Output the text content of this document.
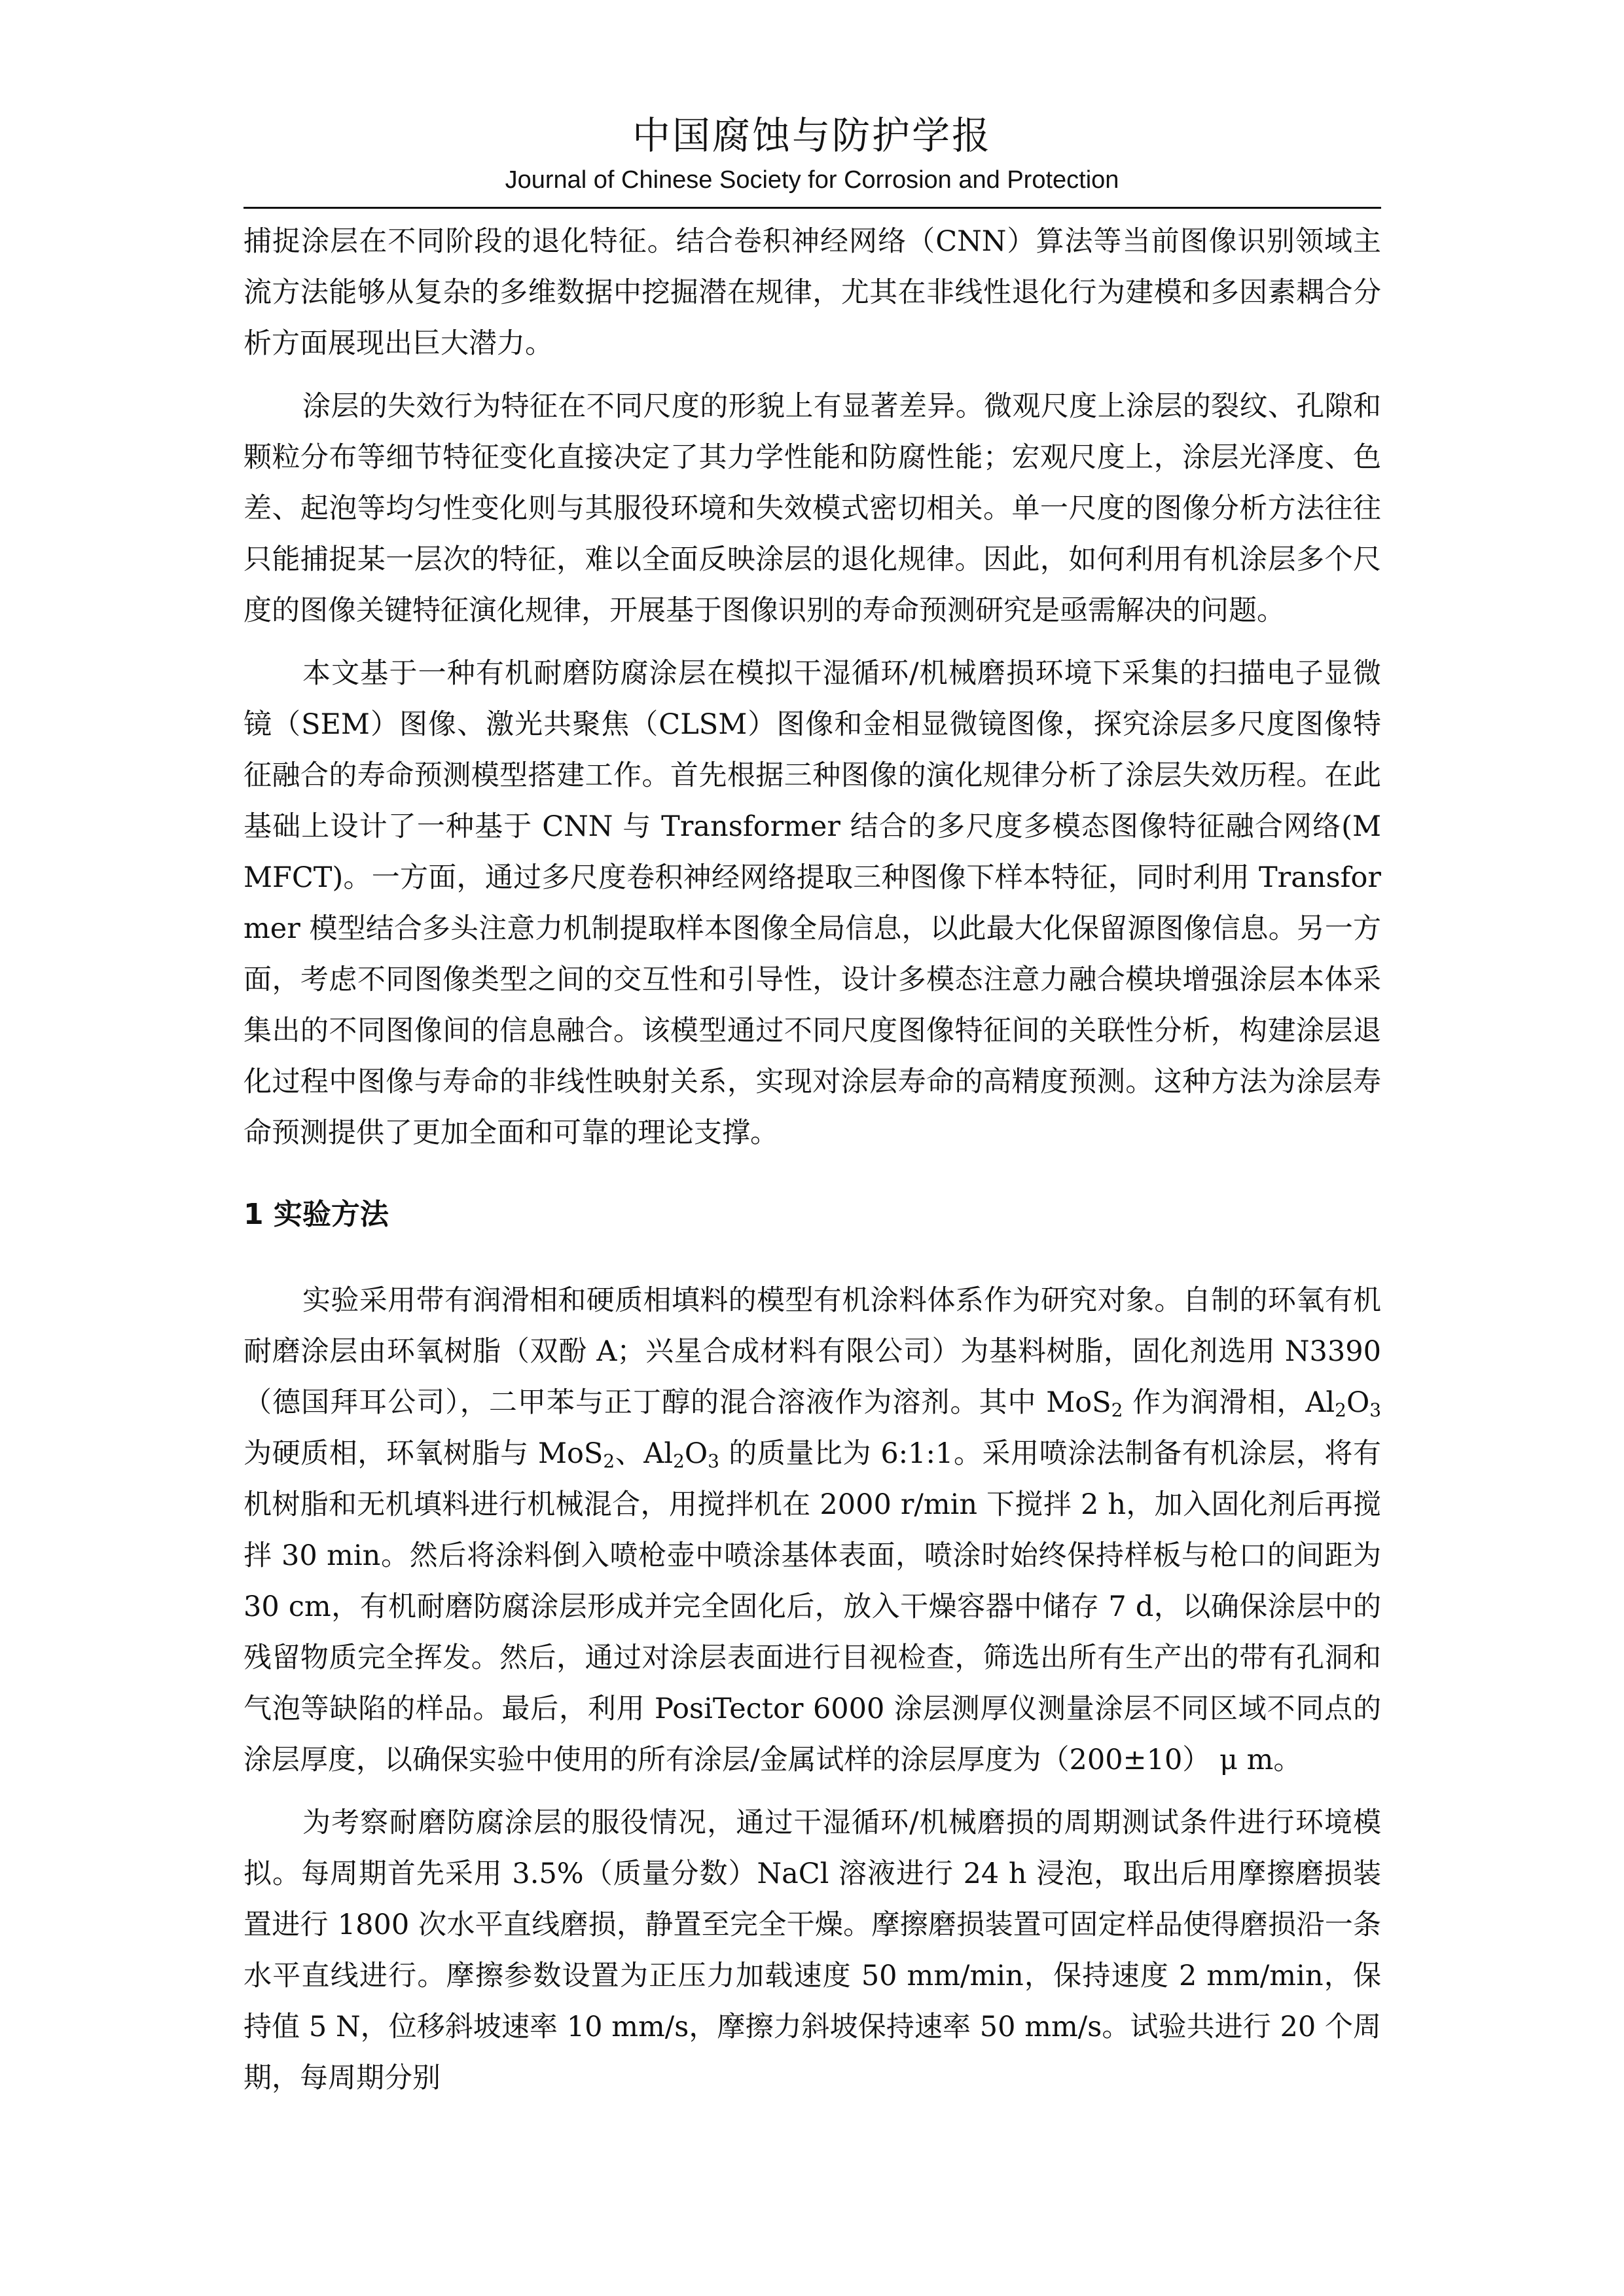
中国腐蚀与防护学报
Journal of Chinese Society for Corrosion and Protection

捕捉涂层在不同阶段的退化特征。结合卷积神经网络（CNN）算法等当前图像识别领域主流方法能够从复杂的多维数据中挖掘潜在规律，尤其在非线性退化行为建模和多因素耦合分析方面展现出巨大潜力。

涂层的失效行为特征在不同尺度的形貌上有显著差异。微观尺度上涂层的裂纹、孔隙和颗粒分布等细节特征变化直接决定了其力学性能和防腐性能；宏观尺度上，涂层光泽度、色差、起泡等均匀性变化则与其服役环境和失效模式密切相关。单一尺度的图像分析方法往往只能捕捉某一层次的特征，难以全面反映涂层的退化规律。因此，如何利用有机涂层多个尺度的图像关键特征演化规律，开展基于图像识别的寿命预测研究是亟需解决的问题。

本文基于一种有机耐磨防腐涂层在模拟干湿循环/机械磨损环境下采集的扫描电子显微镜（SEM）图像、激光共聚焦（CLSM）图像和金相显微镜图像，探究涂层多尺度图像特征融合的寿命预测模型搭建工作。首先根据三种图像的演化规律分析了涂层失效历程。在此基础上设计了一种基于 CNN 与 Transformer 结合的多尺度多模态图像特征融合网络(MMFCT)。一方面，通过多尺度卷积神经网络提取三种图像下样本特征，同时利用 Transformer 模型结合多头注意力机制提取样本图像全局信息，以此最大化保留源图像信息。另一方面，考虑不同图像类型之间的交互性和引导性，设计多模态注意力融合模块增强涂层本体采集出的不同图像间的信息融合。该模型通过不同尺度图像特征间的关联性分析，构建涂层退化过程中图像与寿命的非线性映射关系，实现对涂层寿命的高精度预测。这种方法为涂层寿命预测提供了更加全面和可靠的理论支撑。

1 实验方法

实验采用带有润滑相和硬质相填料的模型有机涂料体系作为研究对象。自制的环氧有机耐磨涂层由环氧树脂（双酚 A；兴星合成材料有限公司）为基料树脂，固化剂选用 N3390（德国拜耳公司），二甲苯与正丁醇的混合溶液作为溶剂。其中 MoS$_2$ 作为润滑相，$Al_2O_3$ 为硬质相，环氧树脂与 MoS$_2$、$Al_2O_3$ 的质量比为 6:1:1。采用喷涂法制备有机涂层，将有机树脂和无机填料进行机械混合，用搅拌机在 2000 r/min 下搅拌 2 h，加入固化剂后再搅拌 30 min。然后将涂料倒入喷枪壶中喷涂基体表面，喷涂时始终保持样板与枪口的间距为 30 cm，有机耐磨防腐涂层形成并完全固化后，放入干燥容器中储存 7 d，以确保涂层中的残留物质完全挥发。然后，通过对涂层表面进行目视检查，筛选出所有生产出的带有孔洞和气泡等缺陷的样品。最后，利用 PosiTector 6000 涂层测厚仪测量涂层不同区域不同点的涂层厚度，以确保实验中使用的所有涂层/金属试样的涂层厚度为（200±10） μ m。

为考察耐磨防腐涂层的服役情况，通过干湿循环/机械磨损的周期测试条件进行环境模拟。每周期首先采用 3.5%（质量分数）NaCl 溶液进行 24 h 浸泡，取出后用摩擦磨损装置进行 1800 次水平直线磨损，静置至完全干燥。摩擦磨损装置可固定样品使得磨损沿一条水平直线进行。摩擦参数设置为正压力加载速度 50 mm/min，保持速度 2 mm/min，保持值 5 N，位移斜坡速率 10 mm/s，摩擦力斜坡保持速率 50 mm/s。试验共进行 20 个周期，每周期分别
